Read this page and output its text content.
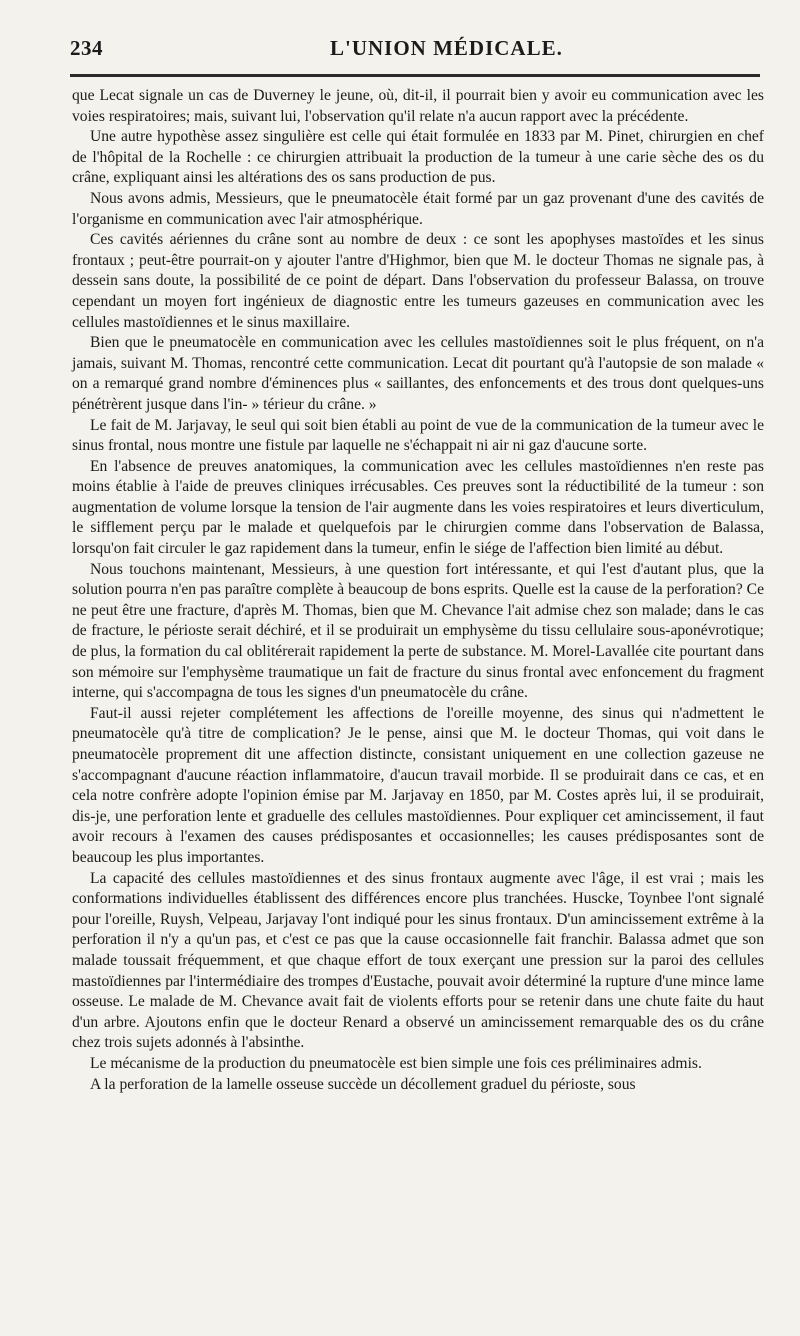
234	L'UNION MÉDICALE.

que Lecat signale un cas de Duverney le jeune, où, dit-il, il pourrait bien y avoir eu communication avec les voies respiratoires; mais, suivant lui, l'observation qu'il relate n'a aucun rapport avec la précédente.

Une autre hypothèse assez singulière est celle qui était formulée en 1833 par M. Pinet, chirurgien en chef de l'hôpital de la Rochelle : ce chirurgien attribuait la production de la tumeur à une carie sèche des os du crâne, expliquant ainsi les altérations des os sans production de pus.

Nous avons admis, Messieurs, que le pneumatocèle était formé par un gaz provenant d'une des cavités de l'organisme en communication avec l'air atmosphérique.

Ces cavités aériennes du crâne sont au nombre de deux : ce sont les apophyses mastoïdes et les sinus frontaux ; peut-être pourrait-on y ajouter l'antre d'Highmor, bien que M. le docteur Thomas ne signale pas, à dessein sans doute, la possibilité de ce point de départ. Dans l'observation du professeur Balassa, on trouve cependant un moyen fort ingénieux de diagnostic entre les tumeurs gazeuses en communication avec les cellules mastoïdiennes et le sinus maxillaire.

Bien que le pneumatocèle en communication avec les cellules mastoïdiennes soit le plus fréquent, on n'a jamais, suivant M. Thomas, rencontré cette communication. Lecat dit pourtant qu'à l'autopsie de son malade « on a remarqué grand nombre d'éminences plus « saillantes, des enfoncements et des trous dont quelques-uns pénétrèrent jusque dans l'in- » térieur du crâne. »

Le fait de M. Jarjavay, le seul qui soit bien établi au point de vue de la communication de la tumeur avec le sinus frontal, nous montre une fistule par laquelle ne s'échappait ni air ni gaz d'aucune sorte.

En l'absence de preuves anatomiques, la communication avec les cellules mastoïdiennes n'en reste pas moins établie à l'aide de preuves cliniques irrécusables. Ces preuves sont la réductibilité de la tumeur : son augmentation de volume lorsque la tension de l'air augmente dans les voies respiratoires et leurs diverticulum, le sifflement perçu par le malade et quelquefois par le chirurgien comme dans l'observation de Balassa, lorsqu'on fait circuler le gaz rapidement dans la tumeur, enfin le siége de l'affection bien limité au début.

Nous touchons maintenant, Messieurs, à une question fort intéressante, et qui l'est d'autant plus, que la solution pourra n'en pas paraître complète à beaucoup de bons esprits. Quelle est la cause de la perforation? Ce ne peut être une fracture, d'après M. Thomas, bien que M. Chevance l'ait admise chez son malade; dans le cas de fracture, le périoste serait déchiré, et il se produirait un emphysème du tissu cellulaire sous-aponévrotique; de plus, la formation du cal oblitérerait rapidement la perte de substance. M. Morel-Lavallée cite pourtant dans son mémoire sur l'emphysème traumatique un fait de fracture du sinus frontal avec enfoncement du fragment interne, qui s'accompagna de tous les signes d'un pneumatocèle du crâne.

Faut-il aussi rejeter complétement les affections de l'oreille moyenne, des sinus qui n'admettent le pneumatocèle qu'à titre de complication? Je le pense, ainsi que M. le docteur Thomas, qui voit dans le pneumatocèle proprement dit une affection distincte, consistant uniquement en une collection gazeuse ne s'accompagnant d'aucune réaction inflammatoire, d'aucun travail morbide. Il se produirait dans ce cas, et en cela notre confrère adopte l'opinion émise par M. Jarjavay en 1850, par M. Costes après lui, il se produirait, dis-je, une perforation lente et graduelle des cellules mastoïdiennes. Pour expliquer cet amincissement, il faut avoir recours à l'examen des causes prédisposantes et occasionnelles; les causes prédisposantes sont de beaucoup les plus importantes.

La capacité des cellules mastoïdiennes et des sinus frontaux augmente avec l'âge, il est vrai ; mais les conformations individuelles établissent des différences encore plus tranchées. Huscke, Toynbee l'ont signalé pour l'oreille, Ruysh, Velpeau, Jarjavay l'ont indiqué pour les sinus frontaux. D'un amincissement extrême à la perforation il n'y a qu'un pas, et c'est ce pas que la cause occasionnelle fait franchir. Balassa admet que son malade toussait fréquemment, et que chaque effort de toux exerçant une pression sur la paroi des cellules mastoïdiennes par l'intermédiaire des trompes d'Eustache, pouvait avoir déterminé la rupture d'une mince lame osseuse. Le malade de M. Chevance avait fait de violents efforts pour se retenir dans une chute faite du haut d'un arbre. Ajoutons enfin que le docteur Renard a observé un amincissement remarquable des os du crâne chez trois sujets adonnés à l'absinthe.

Le mécanisme de la production du pneumatocèle est bien simple une fois ces préliminaires admis.

A la perforation de la lamelle osseuse succède un décollement graduel du périoste, sous
